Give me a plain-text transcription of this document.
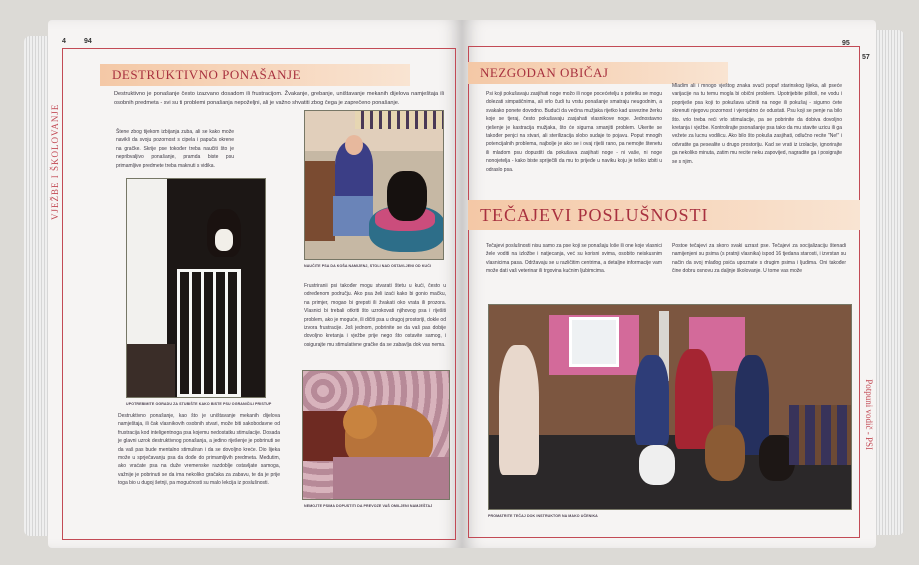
4	94
VJEŽBE I ŠKOLOVANJE
DESTRUKTIVNO PONAŠANJE
Destruktivno je ponašanje često izazvano dosadom ili frustracijom. Žvakanje, grebanje, uništavanje mekanih dijelova namještaja ili osobnih predmeta - svi su ti problemi ponašanja nepoželjni, ali je važno shvatiti zbog čega je zaprečeno ponašanje.
Štene zbog tijekom izbijanja zuba, ali se kako može navikli da svoju pozornost s cipela i papuča okrene na gračke. Skrije pse tokođer treba naučiti što je nepribvaljivo ponašanje, pramda biste psu primamljive predmete treba maknuti s vidika.
UPOTREBIMITE OGRADU ZA STUBIŠTE KAKO BISTE PSU OGRANIČILI PRISTUP
NAUČITE PSA DA KOŠA NAMIJENJ, STOLI NAD OSTAVLJENI OD KUĆI
Frustriranii psi također mogu stvarati štetu u kući, često u određenom području. Ako psa želi izaći kako bi gonio mačku, na primjer, mogao bi grepsti ili žvakati oko vrata ili prozora. Vlasnici bi trebali otkriti što uzrokovati njihovog psa i riješiti problem, ako je moguće, ili dičiti psa u drugoj prostoriji, dokle od izvora frustracije. Još jednom, pobrinite se da vaš pas dobije dovoljno kretanja i vježbe prije nego što ostavite samog, i osigurajte mu stimulativne gračke da se zabavlja dok vas nema.
Destruktivno ponašanje, kao što je uništavanje mekanih dijelova namještaja, ili čak vlasnikovih osobnih stvari, može biti sakobodavne od frustracija kod inteligentnoga psa kojemu nedostatku stimulacije. Dosada je glavni uzrok destruktivnog ponašanja, a jedino riješenje je pobrinuti se da vaš pas bude mentalno stimuliran i da se dovoljno kreće. Dio lijeka može u sprječavanju psa da dođe do primamljivih predmeta. Međutim, ako vraćate psa na duže vremenske razdoblje ostavljate samoga, važnije je pobrinuti se da ima nekoliko gračaka za zabavu, te da je prije toga bio u dugoj šetnji, pa mogućnosti su malo lekcija iz poslušnosti.
NEMOJTE PSIMA DOPUSTITI DA PREVOZE VAŠ OMILJENI NAMJEŠTAJ
95
57
NEZGODAN OBIČAJ
Psi koji pokušavaju zasjihati noge možo ili noge pocećetelju s potetku se mogu dolezati simpatičnima, ali vrlo čudi tu vrstu ponašanje smatraju neugodnim, a svakako ponete dovodno. Budući da većina mužjaka rijetko kad usvezine žerku koje se tjeraj, često pokušavaju zasjahati vlasnikove noge. Jednostavno rješenje je kastracija mužjaka, što će sigurna smanjiti problem. Ukerite se također penjci na stvari, ali sterilizacija slobo sudaje to pojavu. Poput mnogih potencijalnih problema, najbolje je ako se i ovaj riješi rano, pa nemojte štenetu ili mladom psu dopustiti da pokušava zasjihati noge - ni vaše, ni noge nonojetelja - kako biste spriječili da mu to prijeđe u naviku koju je teško izbiti u odraslo psa.
Mladim ali i mnogo vještog znaka svući popuf starinskog lijeka, ali pseće varijacije na tu temu mogla bi obični problem. Upotrijebite pištoli, ne vodu i popriješe psa koji to pokušava učiniti na noge ili pokušaj - sigurno ćete skrenuti njegovu pozornost i vjerojatno će odustati. Psu koji se penje na bilo što. vrlo treba reći vrlo stimulacije, pa se pobrinite da dobiva dovoljno kretanja i vježbe. Kontrolirajte psonašanje psa tako da mu stavite uzicu ili ga vežete za lucnu vodilicu. Ako bilo što pokuša zasjihati, odlučno recite "Ne!" i odvratite ga pesealite u drugo prostoriju. Kad se vrati iz izolacije, ignorirajte ga nekoliko minuta, zatim mu recite neku zapovijed, nagradite ga i posigrajte se s njim.
TEČAJEVI POSLUŠNOSTI
Tečajevi poslušnosti nisu samo za pse koji se ponašaju loše ili one koje vlasnici žele voditi na izložbe i natjecanja, već su korisni svima, osobito neiskusnim vlasnicima pasa. Održavaju se u različitim centrima, a detaljne informacije vam može dati vaš veterinar ili trgovina kućnim ljubimcima.
Postoe tečajevi za skoro svaki uzrast pse. Tečajevi za socijalizaciju štenadi namijenjeni su psima (s pratnji vlasnika) ispod 16 tjedana starosti, i izvrstan su način da svoj mlađog psića upoznate s drugim psima i ljudima. Oni također čine dobru osnovu za daljnje školovanje. U tome vas može
PROMATRITE TEČAJ DOK INSTRUKTOR NA MAKO UČENIKA
Potpuni vodič - PSI
